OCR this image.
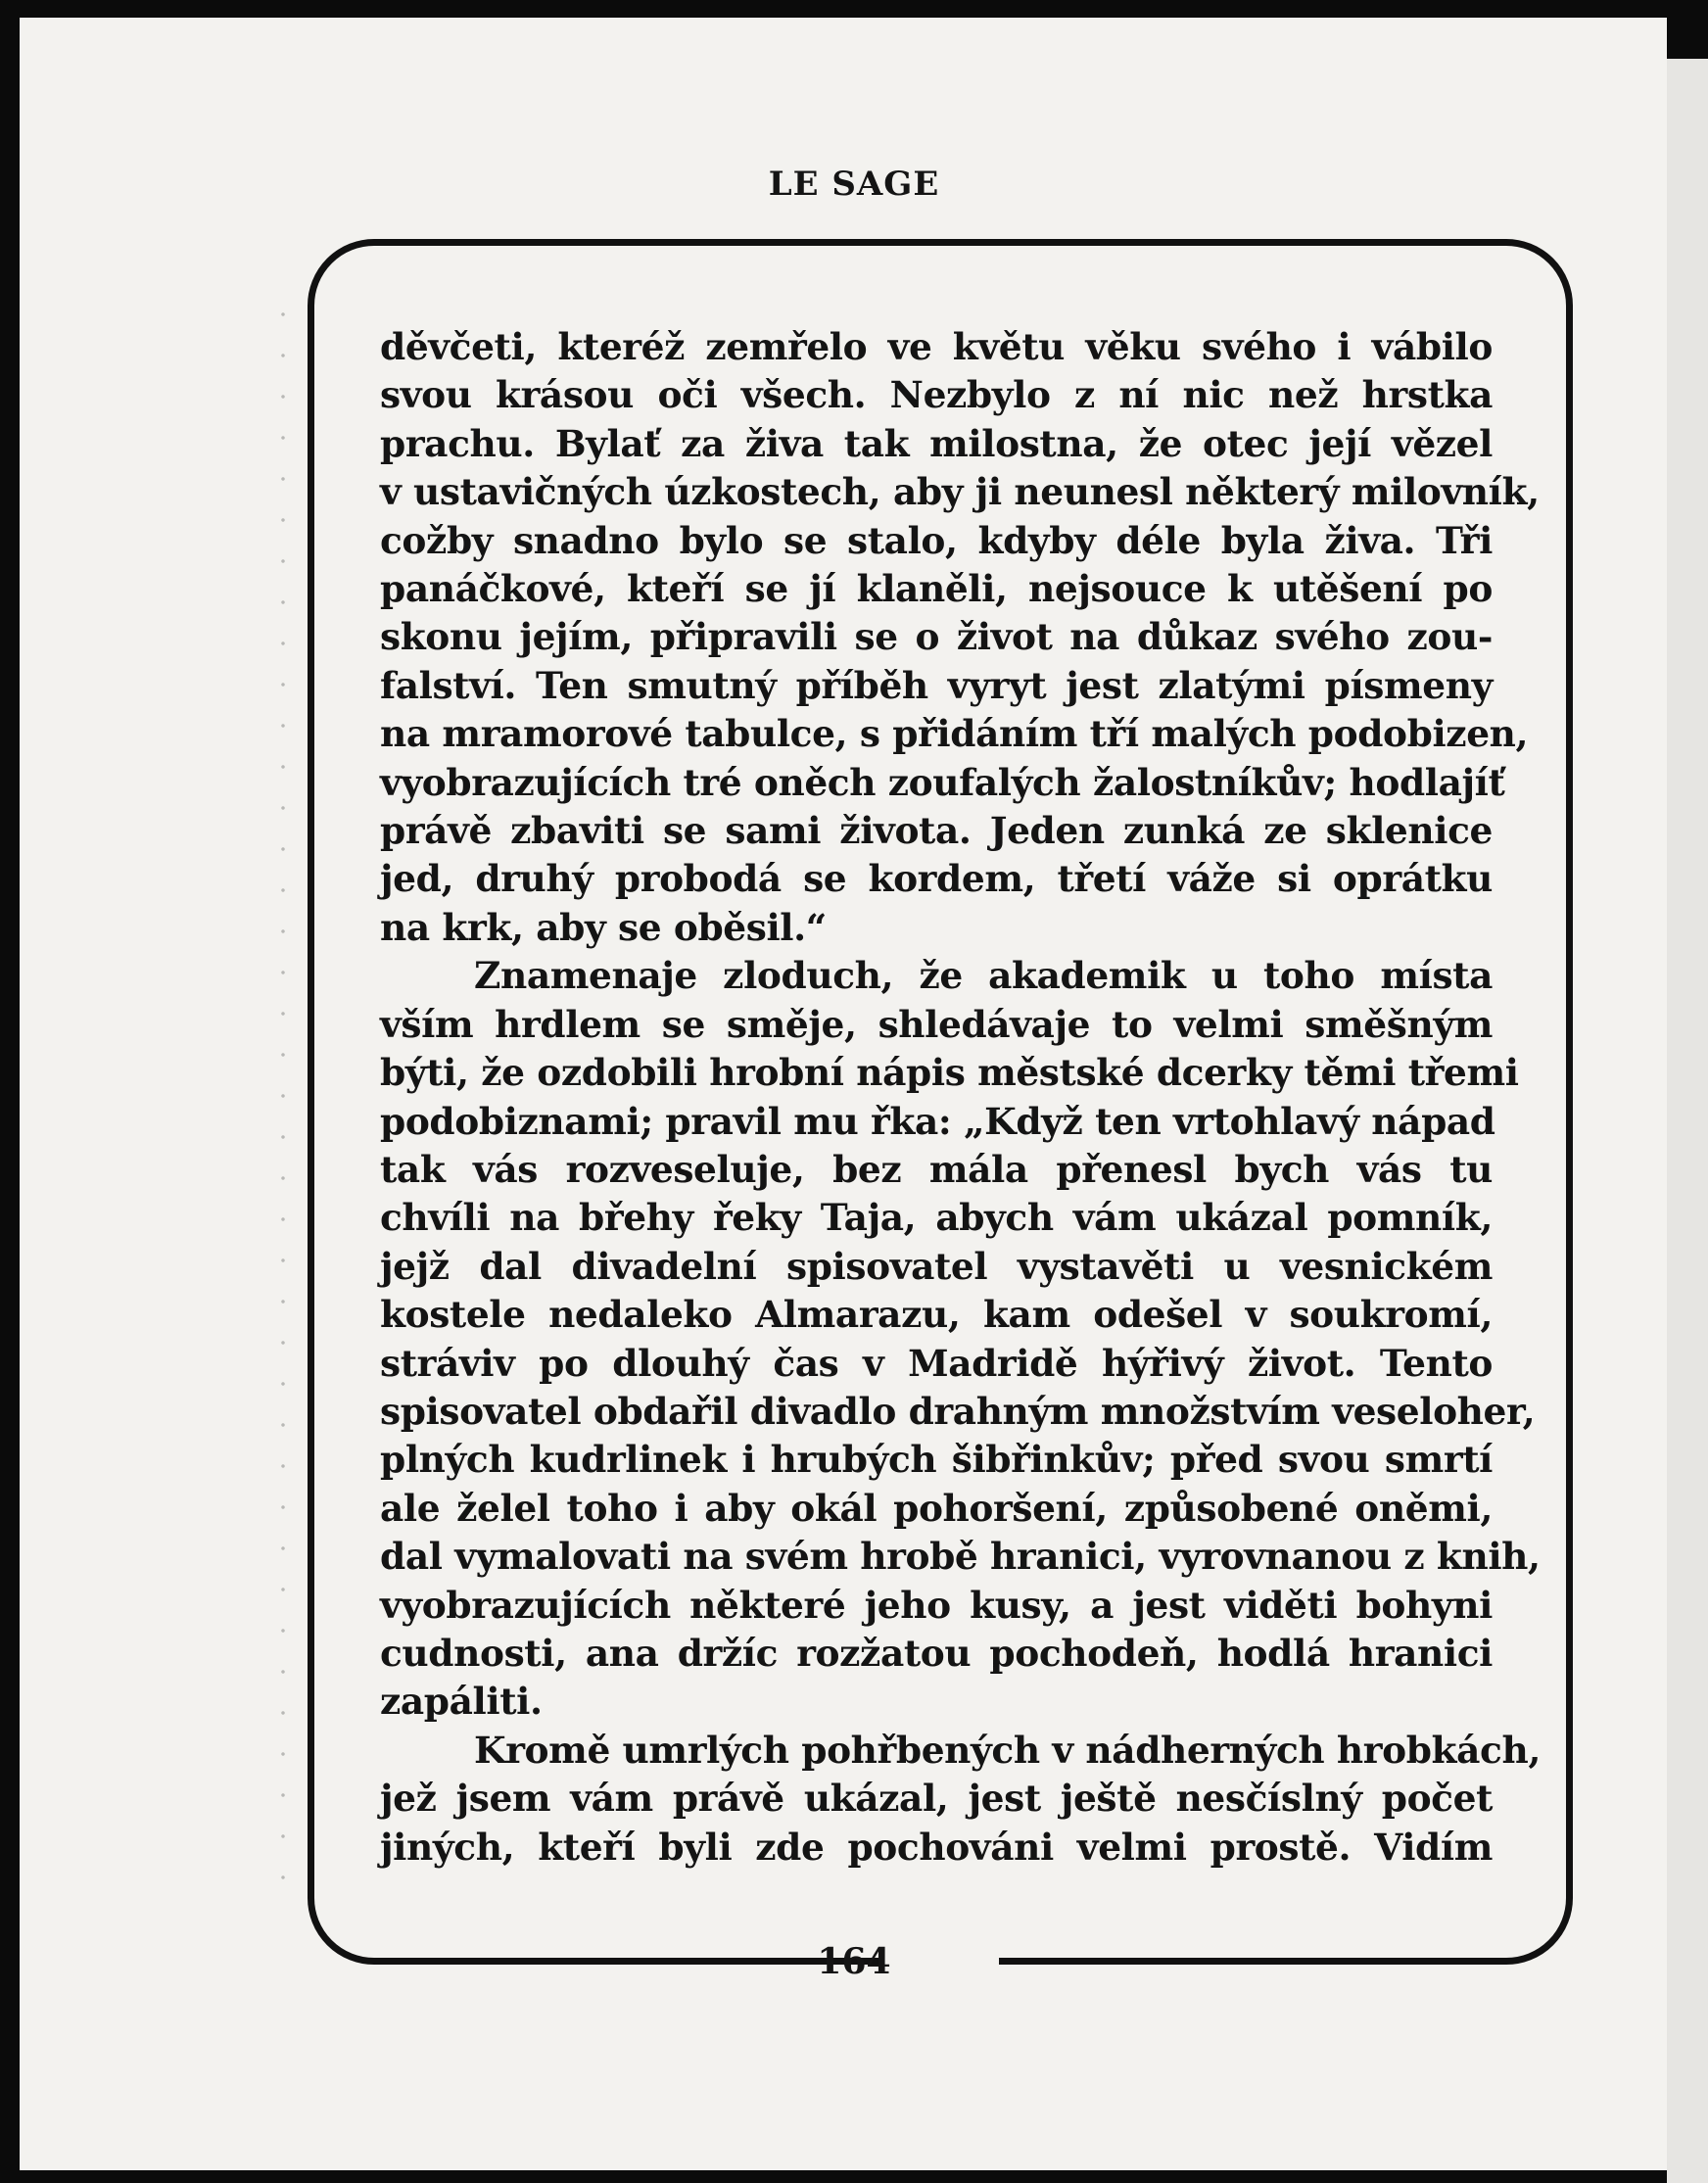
LE SAGE
děvčeti, kteréž zemřelo ve květu věku svého i vábilo
svou krásou oči všech. Nezbylo z ní nic než hrstka
prachu. Bylať za živa tak milostna, že otec její vězel
v ustavičných úzkostech, aby ji neunesl některý milovník,
cožby snadno bylo se stalo, kdyby déle byla živa. Tři
panáčkové, kteří se jí klaněli, nejsouce k utěšení po
skonu jejím, připravili se o život na důkaz svého zou-
falství. Ten smutný příběh vyryt jest zlatými písmeny
na mramorové tabulce, s přidáním tří malých podobizen,
vyobrazujících tré oněch zoufalých žalostníkův; hodlajíť
právě zbaviti se sami života. Jeden zunká ze sklenice
jed, druhý probodá se kordem, třetí váže si oprátku
na krk, aby se oběsil.“
Znamenaje zloduch, že akademik u toho místa
vším hrdlem se směje, shledávaje to velmi směšným
býti, že ozdobili hrobní nápis městské dcerky těmi třemi
podobiznami; pravil mu řka: „Když ten vrtohlavý nápad
tak vás rozveseluje, bez mála přenesl bych vás tu
chvíli na břehy řeky Taja, abych vám ukázal pomník,
jejž dal divadelní spisovatel vystavěti u vesnickém
kostele nedaleko Almarazu, kam odešel v soukromí,
stráviv po dlouhý čas v Madridě hýřivý život. Tento
spisovatel obdařil divadlo drahným množstvím veseloher,
plných kudrlinek i hrubých šibřinkův; před svou smrtí
ale želel toho i aby okál pohoršení, způsobené oněmi,
dal vymalovati na svém hrobě hranici, vyrovnanou z knih,
vyobrazujících některé jeho kusy, a jest viděti bohyni
cudnosti, ana držíc rozžatou pochodeň, hodlá hranici
zapáliti.
Kromě umrlých pohřbených v nádherných hrobkách,
jež jsem vám právě ukázal, jest ještě nesčíslný počet
jiných, kteří byli zde pochováni velmi prostě. Vidím
164
